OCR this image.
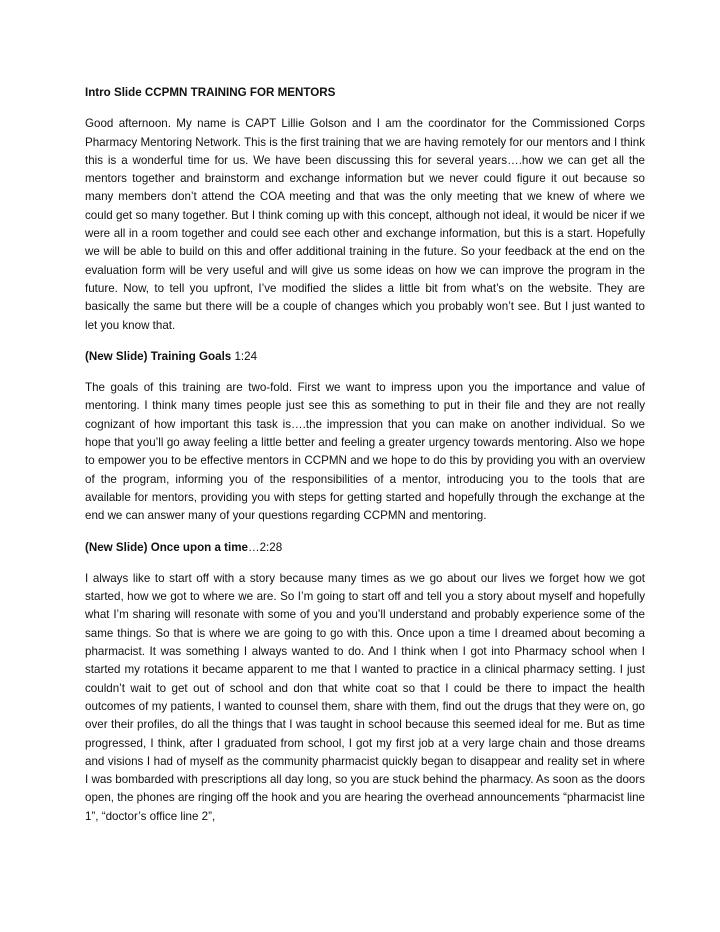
Intro Slide CCPMN TRAINING FOR MENTORS

Good afternoon. My name is CAPT Lillie Golson and I am the coordinator for the Commissioned Corps Pharmacy Mentoring Network. This is the first training that we are having remotely for our mentors and I think this is a wonderful time for us. We have been discussing this for several years….how we can get all the mentors together and brainstorm and exchange information but we never could figure it out because so many members don’t attend the COA meeting and that was the only meeting that we knew of where we could get so many together. But I think coming up with this concept, although not ideal, it would be nicer if we were all in a room together and could see each other and exchange information, but this is a start. Hopefully we will be able to build on this and offer additional training in the future. So your feedback at the end on the evaluation form will be very useful and will give us some ideas on how we can improve the program in the future. Now, to tell you upfront, I’ve modified the slides a little bit from what’s on the website. They are basically the same but there will be a couple of changes which you probably won’t see. But I just wanted to let you know that.

(New Slide) Training Goals 1:24

The goals of this training are two-fold. First we want to impress upon you the importance and value of mentoring. I think many times people just see this as something to put in their file and they are not really cognizant of how important this task is….the impression that you can make on another individual. So we hope that you’ll go away feeling a little better and feeling a greater urgency towards mentoring. Also we hope to empower you to be effective mentors in CCPMN and we hope to do this by providing you with an overview of the program, informing you of the responsibilities of a mentor, introducing you to the tools that are available for mentors, providing you with steps for getting started and hopefully through the exchange at the end we can answer many of your questions regarding CCPMN and mentoring.

(New Slide) Once upon a time…2:28

I always like to start off with a story because many times as we go about our lives we forget how we got started, how we got to where we are. So I’m going to start off and tell you a story about myself and hopefully what I’m sharing will resonate with some of you and you’ll understand and probably experience some of the same things. So that is where we are going to go with this. Once upon a time I dreamed about becoming a pharmacist. It was something I always wanted to do. And I think when I got into Pharmacy school when I started my rotations it became apparent to me that I wanted to practice in a clinical pharmacy setting. I just couldn’t wait to get out of school and don that white coat so that I could be there to impact the health outcomes of my patients, I wanted to counsel them, share with them, find out the drugs that they were on, go over their profiles, do all the things that I was taught in school because this seemed ideal for me. But as time progressed, I think, after I graduated from school, I got my first job at a very large chain and those dreams and visions I had of myself as the community pharmacist quickly began to disappear and reality set in where I was bombarded with prescriptions all day long, so you are stuck behind the pharmacy. As soon as the doors open, the phones are ringing off the hook and you are hearing the overhead announcements “pharmacist line 1”, “doctor’s office line 2”,
